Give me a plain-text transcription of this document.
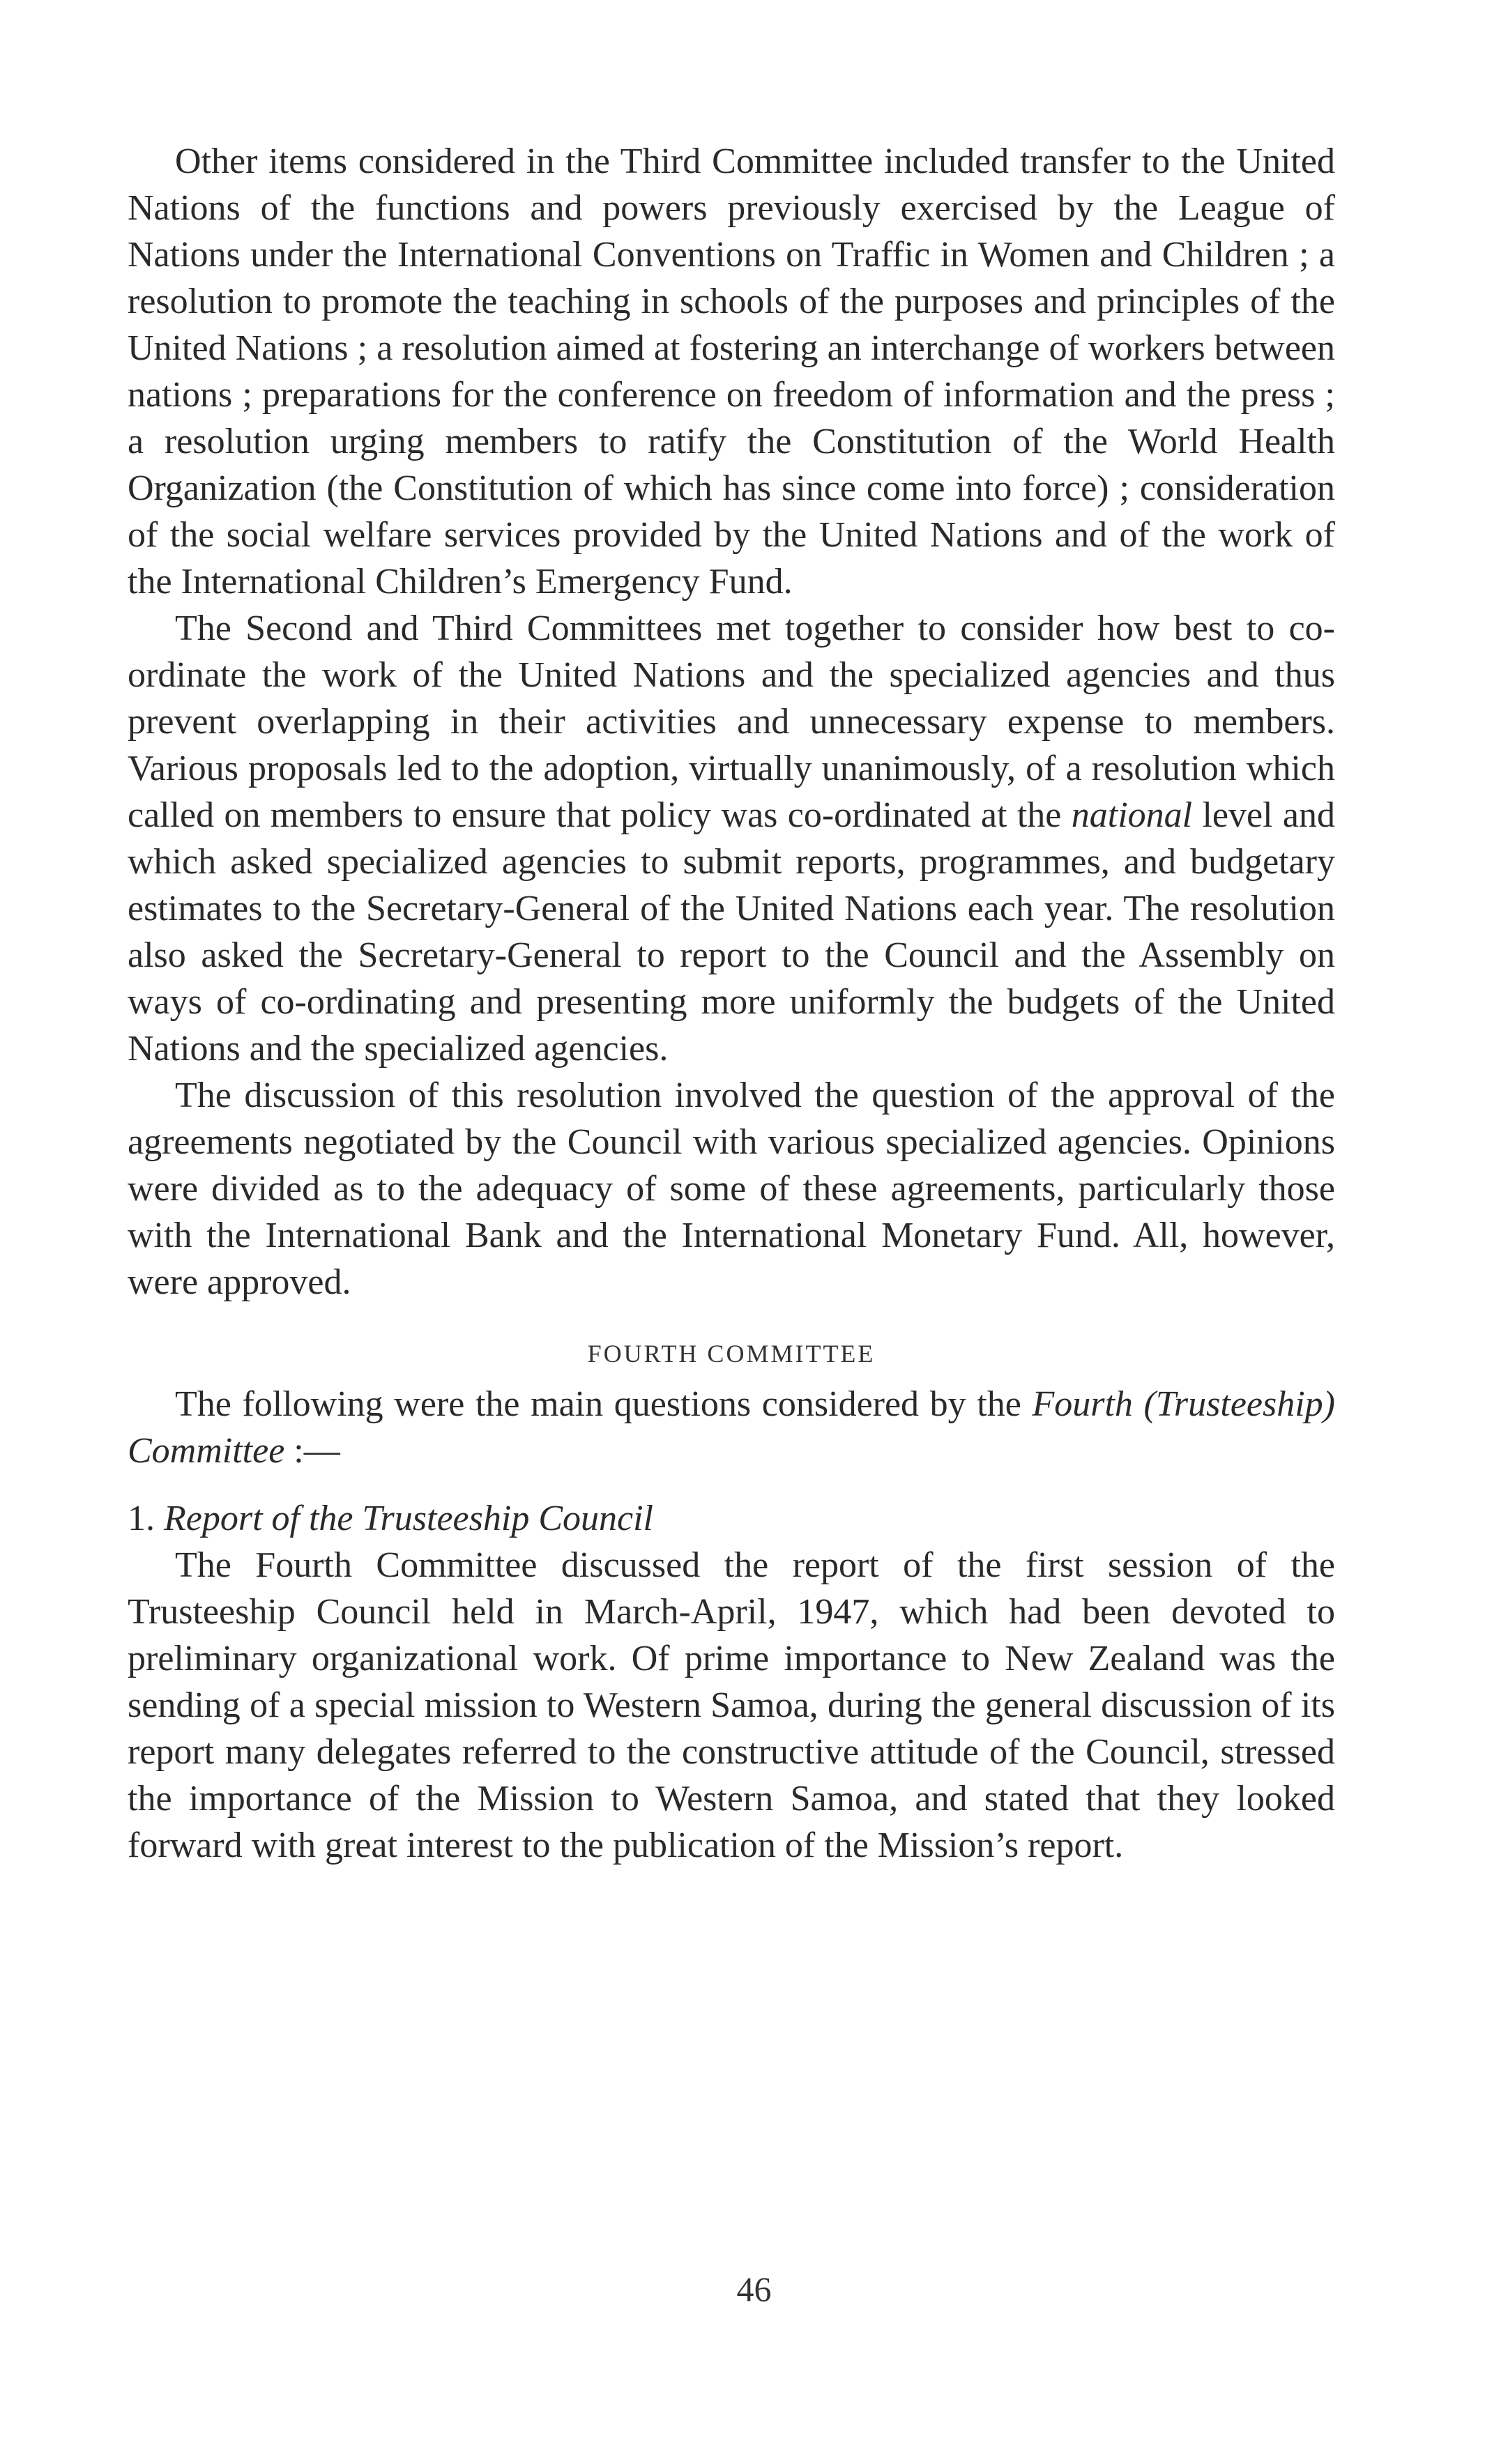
Other items considered in the Third Committee included transfer to the United Nations of the functions and powers previously exercised by the League of Nations under the International Conventions on Traffic in Women and Children ; a resolution to promote the teaching in schools of the purposes and principles of the United Nations ; a resolution aimed at fostering an interchange of workers between nations ; preparations for the conference on freedom of information and the press ; a resolution urging members to ratify the Constitution of the World Health Organization (the Constitution of which has since come into force) ; consideration of the social welfare services provided by the United Nations and of the work of the International Children’s Emergency Fund.

The Second and Third Committees met together to consider how best to co-ordinate the work of the United Nations and the specialized agencies and thus prevent overlapping in their activities and unnecessary expense to members. Various proposals led to the adoption, virtually unanimously, of a resolution which called on members to ensure that policy was co-ordinated at the national level and which asked specialized agencies to submit reports, programmes, and budgetary estimates to the Secretary-General of the United Nations each year. The resolution also asked the Secretary-General to report to the Council and the Assembly on ways of co-ordinating and presenting more uniformly the budgets of the United Nations and the specialized agencies.

The discussion of this resolution involved the question of the approval of the agreements negotiated by the Council with various specialized agencies. Opinions were divided as to the adequacy of some of these agreements, particularly those with the International Bank and the International Monetary Fund. All, however, were approved.

FOURTH COMMITTEE

The following were the main questions considered by the Fourth (Trusteeship) Committee :—

1. Report of the Trusteeship Council

The Fourth Committee discussed the report of the first session of the Trusteeship Council held in March-April, 1947, which had been devoted to preliminary organizational work. Of prime importance to New Zealand was the sending of a special mission to Western Samoa, during the general discussion of its report many delegates referred to the constructive attitude of the Council, stressed the importance of the Mission to Western Samoa, and stated that they looked forward with great interest to the publication of the Mission’s report.

46
